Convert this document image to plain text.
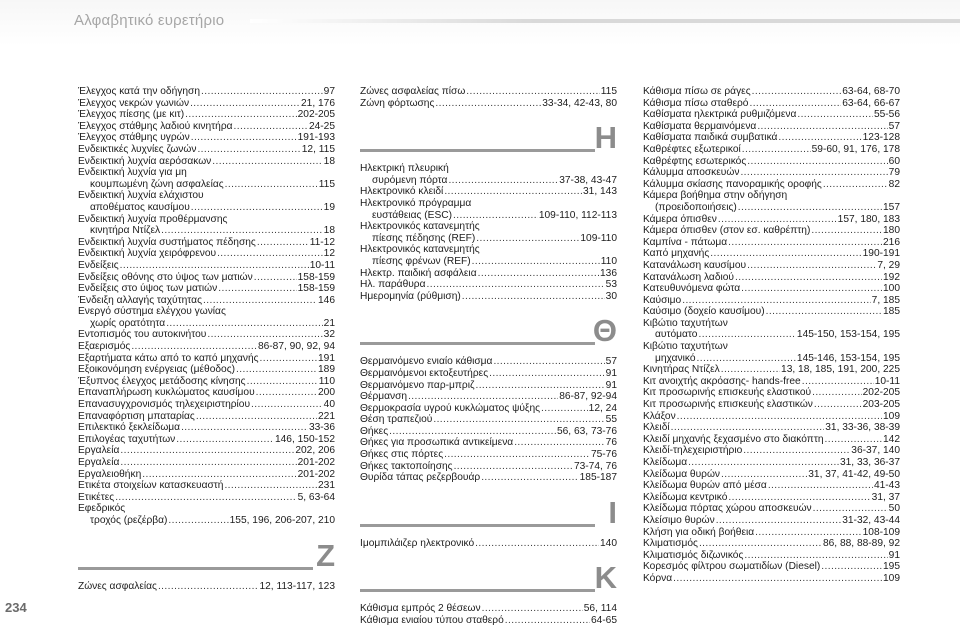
Αλφαβητικό ευρετήριο
Έλεγχος κατά την οδήγηση .....	97
Έλεγχος νεκρών γωνιών .....	21, 176
Έλεγχος πίεσης (με κιτ) .....	202-205
Έλεγχος στάθμης λαδιού κινητήρα .....	24-25
Έλεγχος στάθμης υγρών .....	191-193
Ενδεικτικές λυχνίες ζωνών .....	12, 115
Ενδεικτική λυχνία αερόσακων .....	18
Ενδεικτική λυχνία για μη
κουμπωμένη ζώνη ασφαλείας .....	115
Ενδεικτική λυχνία ελάχιστου
αποθέματος καυσίμου .....	19
Ενδεικτική λυχνία προθέρμανσης
κινητήρα Ντίζελ .....	18
Ενδεικτική λυχνία συστήματος πέδησης .....	11-12
Ενδεικτική λυχνία χειρόφρενου .....	12
Ενδείξεις .....	10-11
Ενδείξεις οθόνης στο ύψος των ματιών .....	158-159
Ενδείξεις στο ύψος των ματιών .....	158-159
Ένδειξη αλλαγής ταχύτητας .....	146
Ενεργό σύστημα ελέγχου γωνίας
χωρίς ορατότητα .....	21
Εντοπισμός του αυτοκινήτου .....	32
Εξαερισμός .....	86-87, 90, 92, 94
Εξαρτήματα κάτω από το καπό μηχανής .....	191
Εξοικονόμηση ενέργειας (μέθοδος) .....	189
Έξυπνος έλεγχος μετάδοσης κίνησης .....	110
Επαναπλήρωση κυκλώματος καυσίμου .....	200
Επανασυγχρονισμός τηλεχειριστηρίου .....	40
Επαναφόρτιση μπαταρίας .....	221
Επιλεκτικό ξεκλείδωμα .....	33-36
Επιλογέας ταχυτήτων .....	146, 150-152
Εργαλεία .....	202, 206
Εργαλεία .....	201-202
Εργαλειοθήκη .....	201-202
Ετικέτα στοιχείων κατασκευαστή .....	231
Ετικέτες .....	5, 63-64
Εφεδρικός
τροχός (ρεζέρβα) .....	155, 196, 206-207, 210
Z
Ζώνες ασφαλείας .....	12, 113-117, 123
Ζώνες ασφαλείας πίσω .....	115
Ζώνη φόρτωσης .....	33-34, 42-43, 80
H
Ηλεκτρική πλευρική
συρόμενη πόρτα .....	37-38, 43-47
Ηλεκτρονικό κλειδί .....	31, 143
Ηλεκτρονικό πρόγραμμα
ευστάθειας (ESC) .....	109-110, 112-113
Ηλεκτρονικός κατανεμητής
πίεσης πέδησης (REF) .....	109-110
Ηλεκτρονικός κατανεμητής
πίεσης φρένων (REF) .....	110
Ηλεκτρ. παιδική ασφάλεια .....	136
Ηλ. παράθυρα .....	53
Ημερομηνία (ρύθμιση) .....	30
Θ
Θερμαινόμενο ενιαίο κάθισμα .....	57
Θερμαινόμενοι εκτοξευτήρες .....	91
Θερμαινόμενο παρ-μπριζ .....	91
Θέρμανση .....	86-87, 92-94
Θερμοκρασία υγρού κυκλώματος ψύξης .....	12, 24
Θέση τραπεζιού .....	55
Θήκες .....	56, 63, 73-76
Θήκες για προσωπικά αντικείμενα .....	76
Θήκες στις πόρτες .....	75-76
Θήκες τακτοποίησης .....	73-74, 76
Θυρίδα τάπας ρεζερβουάρ .....	185-187
I
Ιμομπιλάιζερ ηλεκτρονικό .....	140
K
Κάθισμα εμπρός 2 θέσεων .....	56, 114
Κάθισμα ενιαίου τύπου σταθερό .....	64-65
Κάθισμα πίσω σε ράγες .....	63-64, 68-70
Κάθισμα πίσω σταθερό .....	63-64, 66-67
Καθίσματα ηλεκτρικά ρυθμιζόμενα .....	55-56
Καθίσματα θερμαινόμενα .....	57
Καθίσματα παιδικά συμβατικά .....	123-128
Καθρέφτες εξωτερικοί .....	59-60, 91, 176, 178
Καθρέφτης εσωτερικός .....	60
Κάλυμμα αποσκευών .....	79
Κάλυμμα σκίασης πανοραμικής οροφής .....	82
Κάμερα βοήθημα στην οδήγηση
(προειδοποιήσεις) .....	157
Κάμερα όπισθεν .....	157, 180, 183
Κάμερα όπισθεν (στον εσ. καθρέπτη) .....	180
Καμπίνα - πάτωμα .....	216
Καπό μηχανής .....	190-191
Κατανάλωση καυσίμου .....	7, 29
Κατανάλωση λαδιού .....	192
Κατευθυνόμενα φώτα .....	100
Καύσιμο .....	7, 185
Καύσιμο (δοχείο καυσίμου) .....	185
Κιβώτιο ταχυτήτων
αυτόματο .....	145-150, 153-154, 195
Κιβώτιο ταχυτήτων
μηχανικό .....	145-146, 153-154, 195
Κινητήρας Ντίζελ .....	13, 18, 185, 191, 200, 225
Κιτ ανοιχτής ακρόασης- hands-free .....	10-11
Κιτ προσωρινής επισκευής ελαστικού .....	202-205
Κιτ προσωρινής επισκευής ελαστικών .....	203-205
Κλάξον .....	109
Κλειδί .....	31, 33-36, 38-39
Κλειδί μηχανής ξεχασμένο στο διακόπτη .....	142
Κλειδί-τηλεχειριστήριο .....	36-37, 140
Κλείδωμα .....	31, 33, 36-37
Κλείδωμα θυρών .....	31, 37, 41-42, 49-50
Κλείδωμα θυρών από μέσα .....	41-43
Κλείδωμα κεντρικό .....	31, 37
Κλείδωμα πόρτας χώρου αποσκευών .....	50
Κλείσιμο θυρών .....	31-32, 43-44
Κλήση για οδική βοήθεια .....	108-109
Κλιματισμός .....	86, 88, 88-89, 92
Κλιματισμός διζωνικός .....	91
Κορεσμός φίλτρου σωματιδίων (Diesel) .....	195
Κόρνα .....	109
234
